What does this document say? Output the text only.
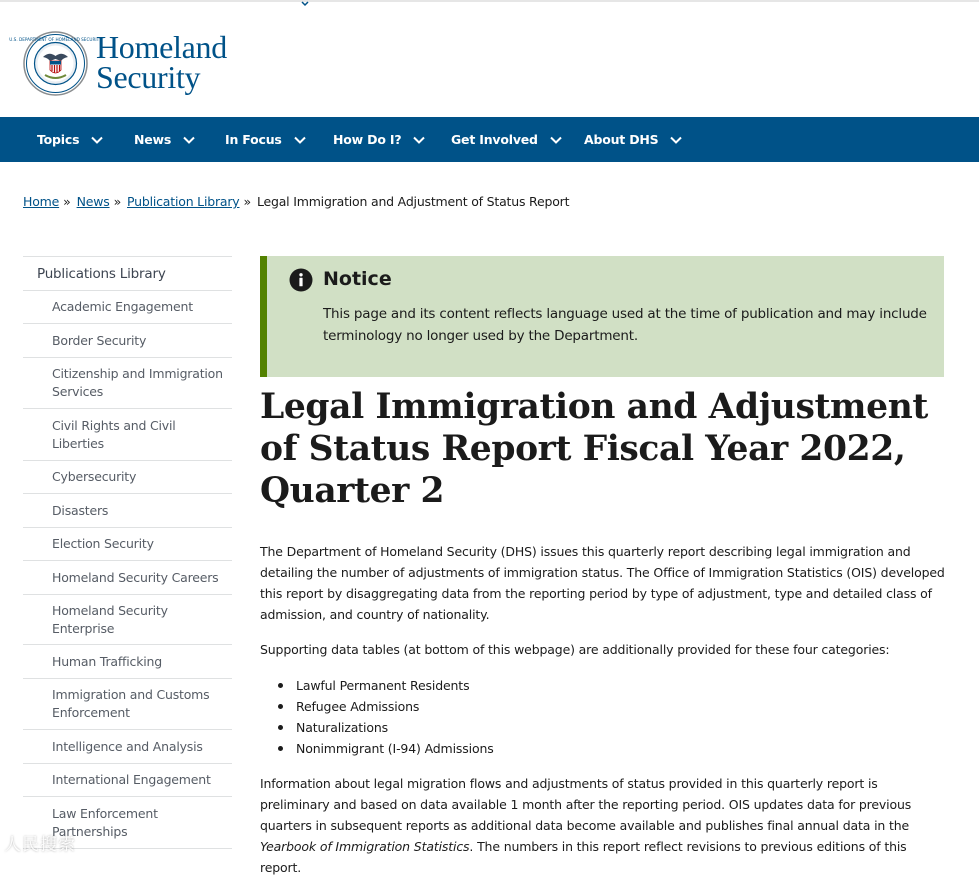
U.S. DEPARTMENT OF HOMELAND SECURITY
Homeland
Security
Topics	News	In Focus	How Do I?	Get Involved	About DHS
Home » News » Publication Library » Legal Immigration and Adjustment of Status Report
Publications Library
Academic Engagement
Border Security
Citizenship and Immigration Services
Civil Rights and Civil Liberties
Cybersecurity
Disasters
Election Security
Homeland Security Careers
Homeland Security Enterprise
Human Trafficking
Immigration and Customs Enforcement
Intelligence and Analysis
International Engagement
Law Enforcement Partnerships
Notice
This page and its content reflects language used at the time of publication and may include terminology no longer used by the Department.
Legal Immigration and Adjustment of Status Report Fiscal Year 2022, Quarter 2

The Department of Homeland Security (DHS) issues this quarterly report describing legal immigration and detailing the number of adjustments of immigration status. The Office of Immigration Statistics (OIS) developed this report by disaggregating data from the reporting period by type of adjustment, type and detailed class of admission, and country of nationality.

Supporting data tables (at bottom of this webpage) are additionally provided for these four categories:

Lawful Permanent Residents
Refugee Admissions
Naturalizations
Nonimmigrant (I-94) Admissions

Information about legal migration flows and adjustments of status provided in this quarterly report is preliminary and based on data available 1 month after the reporting period. OIS updates data for previous quarters in subsequent reports as additional data become available and publishes final annual data in the Yearbook of Immigration Statistics. The numbers in this report reflect revisions to previous editions of this report.

人民搜索
